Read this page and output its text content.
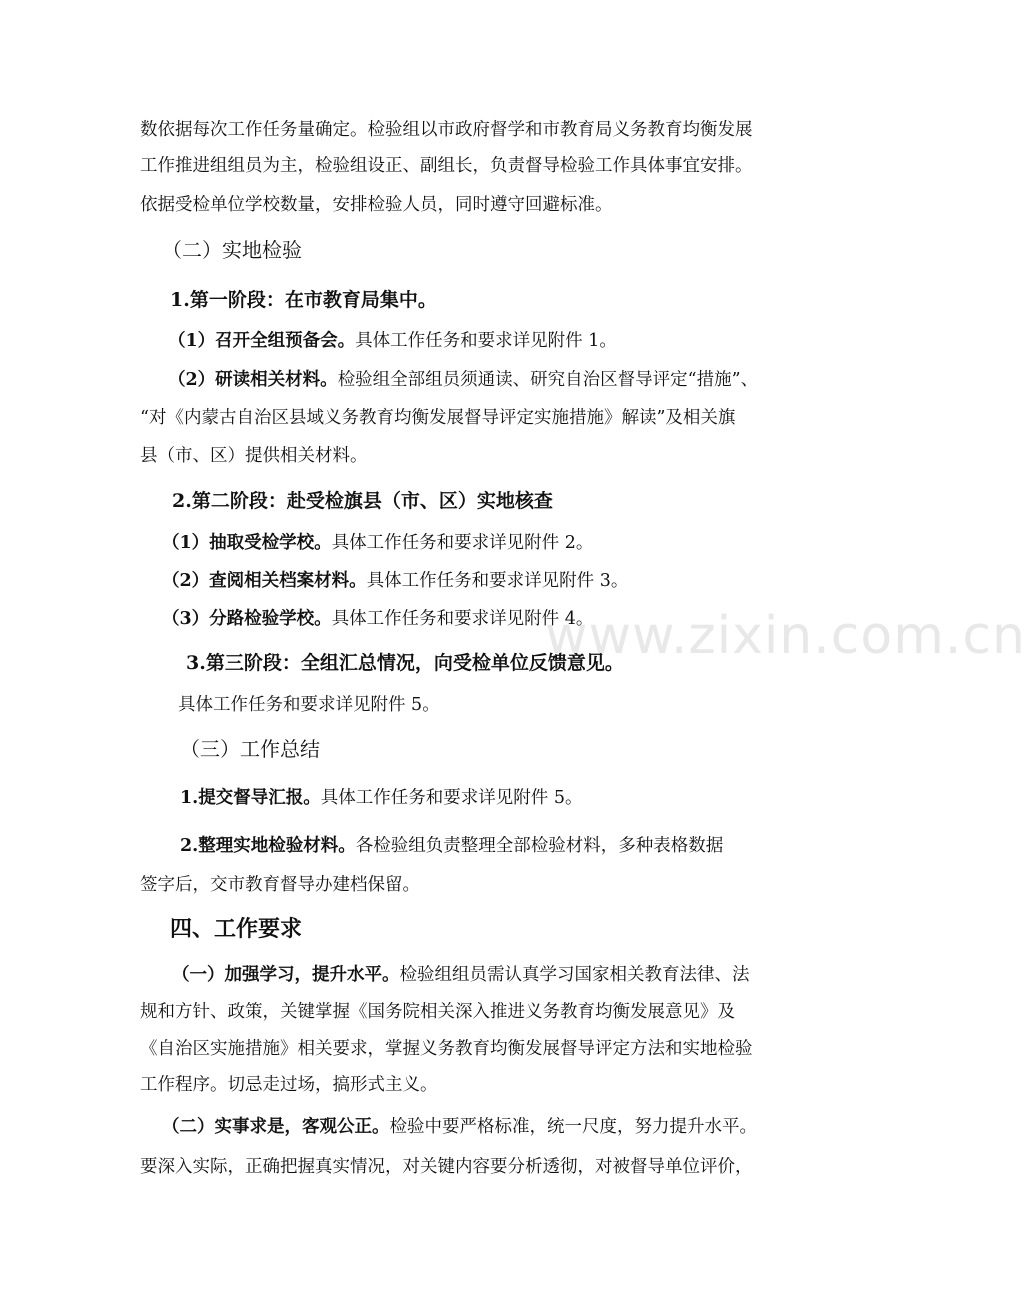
数依据每次工作任务量确定。检验组以市政府督学和市教育局义务教育均衡发展
工作推进组组员为主，检验组设正、副组长，负责督导检验工作具体事宜安排。
依据受检单位学校数量，安排检验人员，同时遵守回避标准。
（二）实地检验
1.第一阶段：在市教育局集中。
（1）召开全组预备会。具体工作任务和要求详见附件 1。
（2）研读相关材料。检验组全部组员须通读、研究自治区督导评定“措施”、
“对《内蒙古自治区县域义务教育均衡发展督导评定实施措施》解读”及相关旗
县（市、区）提供相关材料。
2.第二阶段：赴受检旗县（市、区）实地核查
（1）抽取受检学校。具体工作任务和要求详见附件 2。
（2）查阅相关档案材料。具体工作任务和要求详见附件 3。
（3）分路检验学校。具体工作任务和要求详见附件 4。
3.第三阶段：全组汇总情况，向受检单位反馈意见。
具体工作任务和要求详见附件 5。
（三）工作总结
1.提交督导汇报。具体工作任务和要求详见附件 5。
2.整理实地检验材料。各检验组负责整理全部检验材料，多种表格数据
签字后，交市教育督导办建档保留。
四、工作要求
（一）加强学习，提升水平。检验组组员需认真学习国家相关教育法律、法
规和方针、政策，关键掌握《国务院相关深入推进义务教育均衡发展意见》及
《自治区实施措施》相关要求，掌握义务教育均衡发展督导评定方法和实地检验
工作程序。切忌走过场，搞形式主义。
（二）实事求是，客观公正。检验中要严格标准，统一尺度，努力提升水平。
要深入实际，正确把握真实情况，对关键内容要分析透彻，对被督导单位评价，
www.zixin.com.cn
